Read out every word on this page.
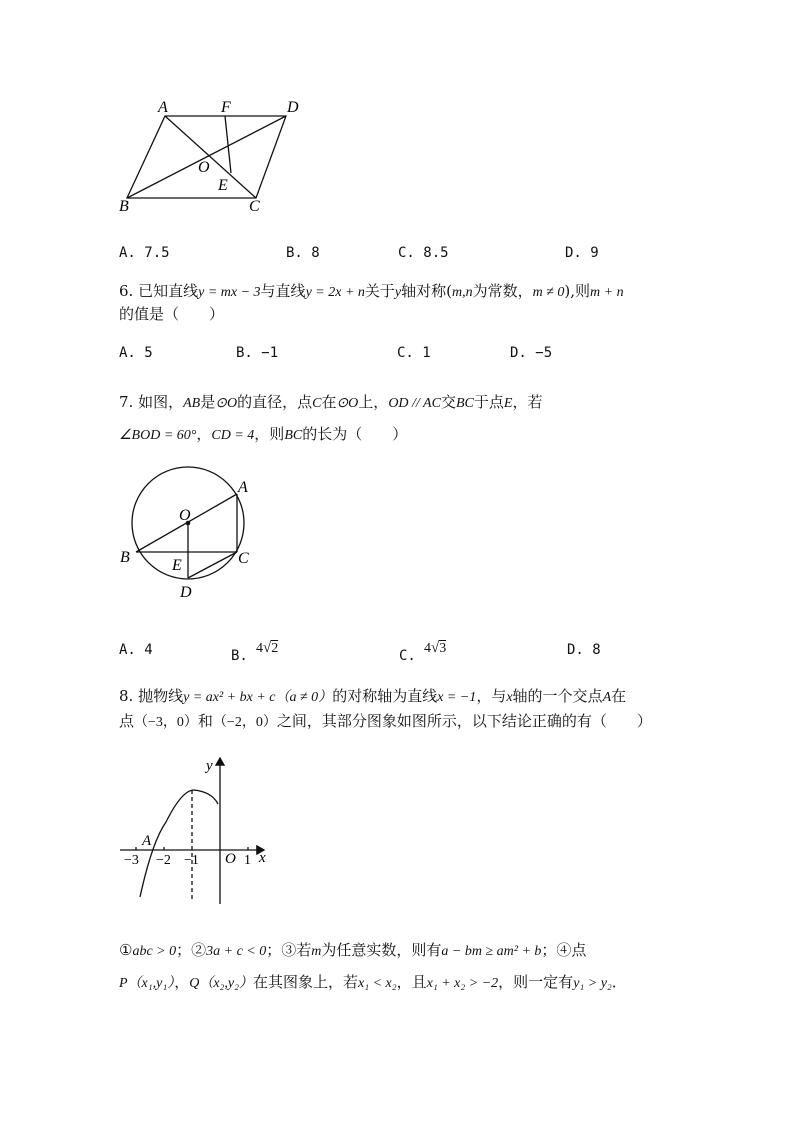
A	F	D
O
E
B	C
A. 7.5	B. 8	C. 8.5	D. 9
6. 已知直线y = mx − 3与直线y = 2x + n关于y轴对称(m,n为常数，m ≠ 0),则m + n
的值是（　　）
A. 5	B. −1	C. 1	D. −5
7. 如图，AB是⊙O的直径，点C在⊙O上，OD // AC交BC于点E，若
∠BOD = 60°，CD = 4，则BC的长为（　　）
A
O
B	C
E
D
A. 4	B. 4√2	C. 4√3	D. 8
8. 抛物线y = ax² + bx + c（a ≠ 0）的对称轴为直线x = −1，与x轴的一个交点A在
点（−3，0）和（−2，0）之间，其部分图象如图所示，以下结论正确的有（　　）
y
x
O
A
−3 −2 −1	1
①abc > 0；②3a + c < 0；③若m为任意实数，则有a − bm ≥ am² + b；④点
P（x₁,y₁），Q（x₂,y₂）在其图象上，若x₁ < x₂，且x₁ + x₂ > −2，则一定有y₁ > y₂．
